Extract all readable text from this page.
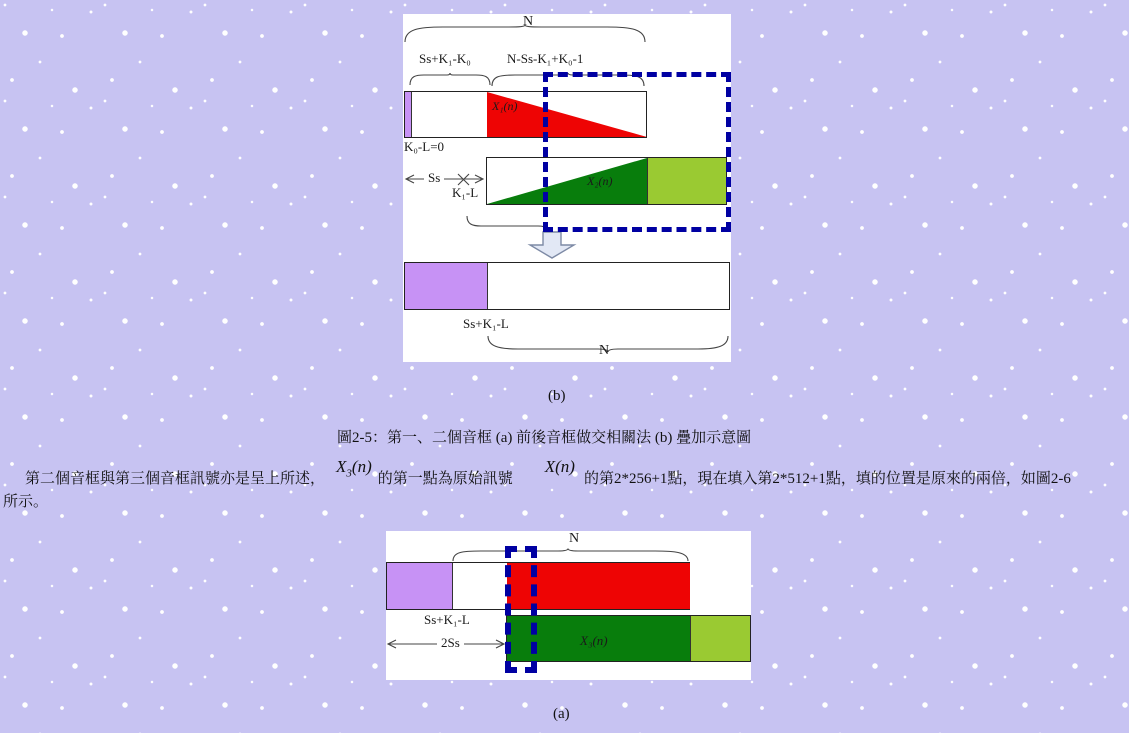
N
Ss+K₁-K₀	N-Ss-K₁+K₀-1
X₁(n)
K₀-L=0
Ss
K₁-L
X₂(n)
Ss+K₁-L
N
(b)
圖2-5：第一、二個音框 (a) 前後音框做交相關法 (b) 疊加示意圖
第二個音框與第三個音框訊號亦是呈上所述，$X_3(n)$的第一點為原始訊號X(n)的第2*256+1點，現在填入第2*512+1點，填的位置是原來的兩倍，如圖2-6
所示。
N
Ss+K₁-L
2Ss	X₃(n)
(a)
